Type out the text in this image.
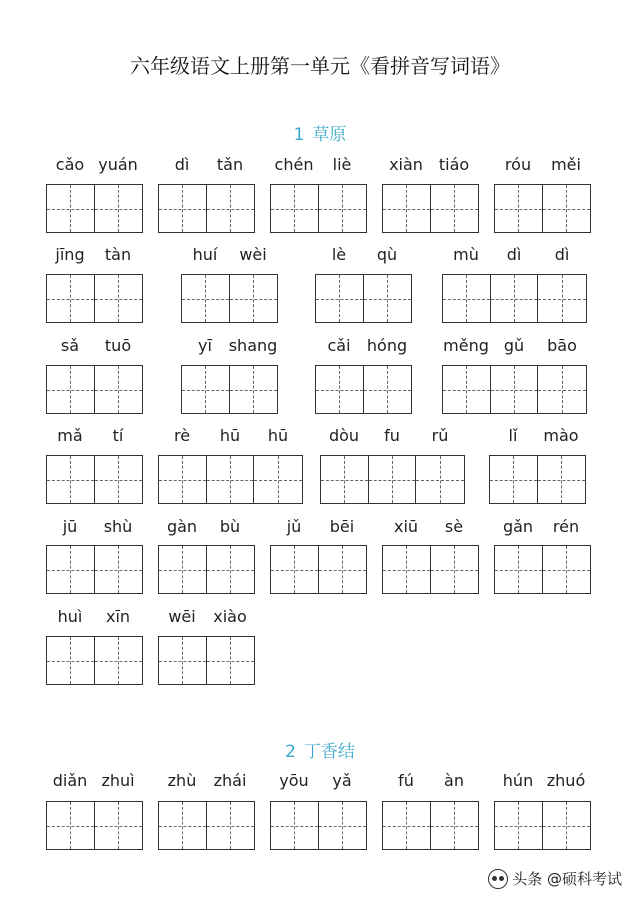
六年级语文上册第一单元《看拼音写词语》
1 草原
2 丁香结
cǎo yuán dì tǎn chén liè xiàn tiáo róu měi
jīng tàn	huí wèi	lè qù	mù dì dì
sǎ tuō	yī shang	cǎi hóng měng gǔ bāo
mǎ tí	rè hū hū	dòu fu rǔ	lǐ mào
jū shù gàn bù	jǔ bēi xiū sè gǎn rén
huì xīn wēi xiào
diǎn zhuì zhù zhái yōu yǎ	fú àn hún zhuó
头条 @硕科考试
